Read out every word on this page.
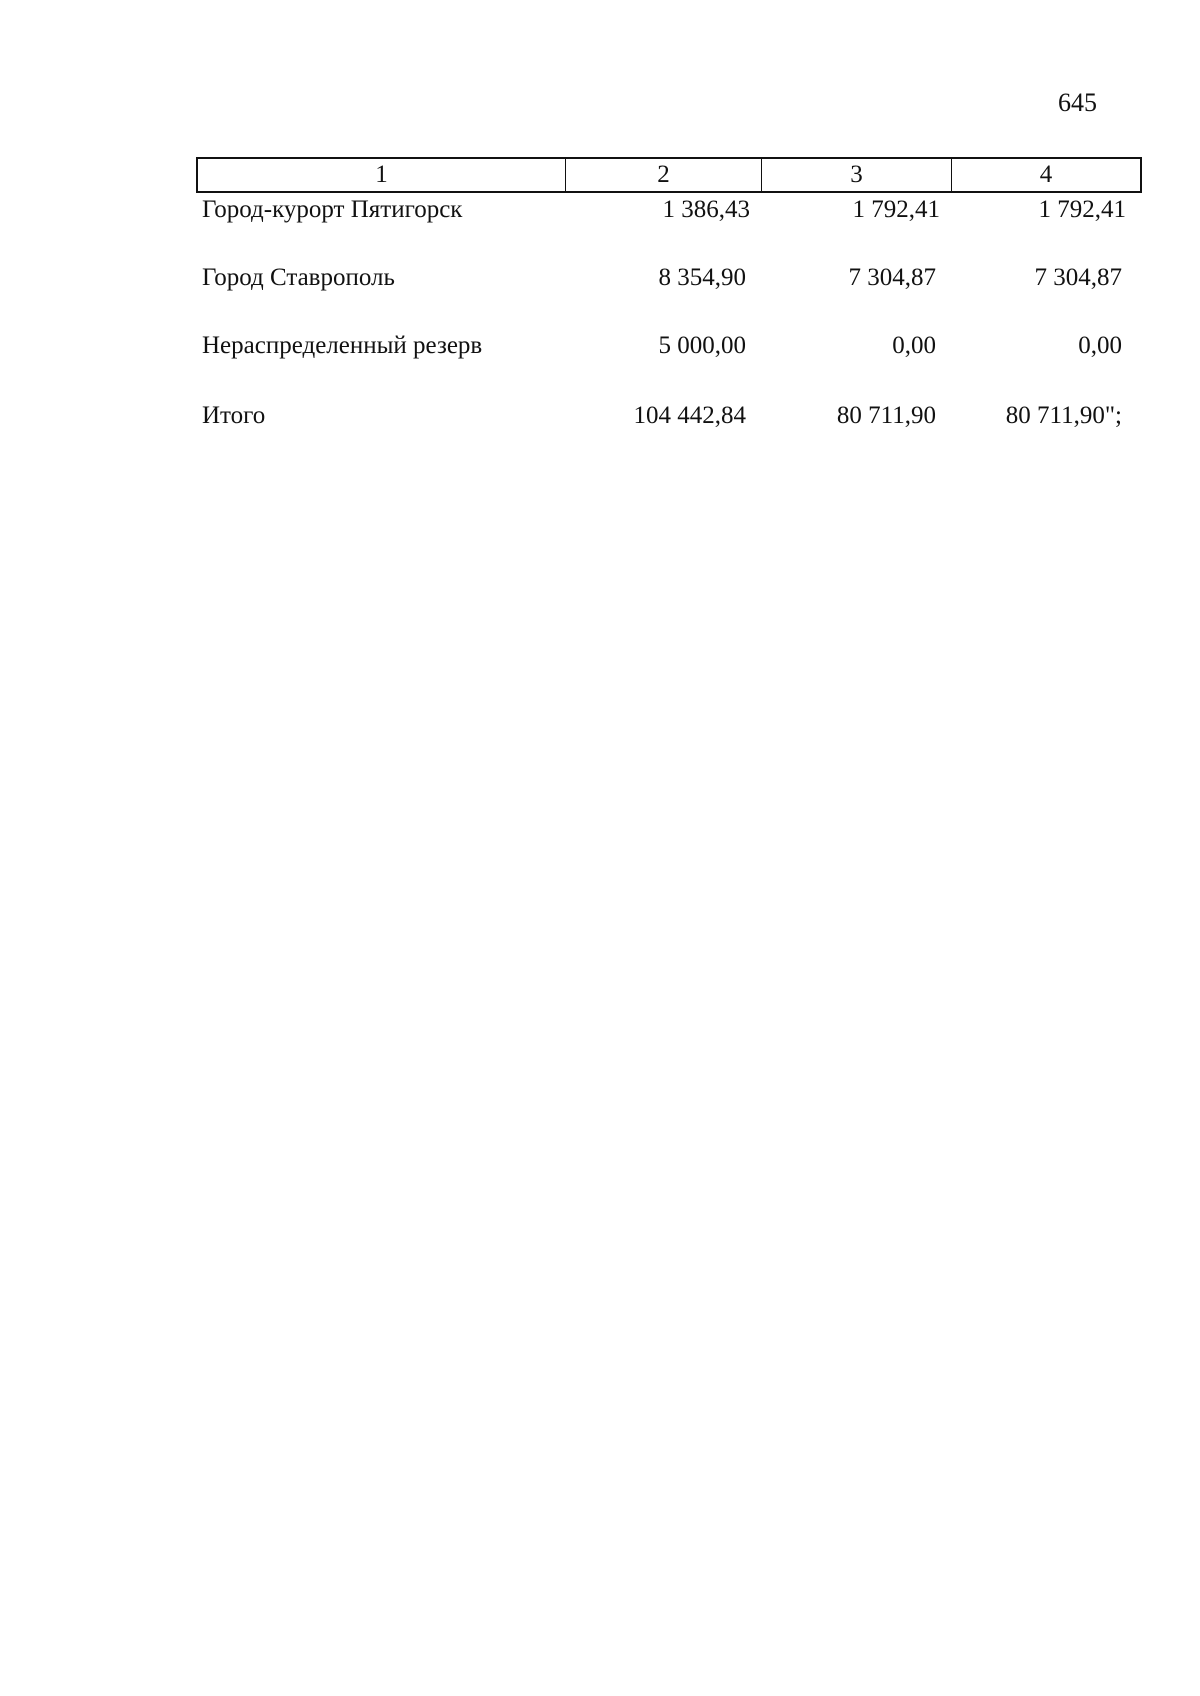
645
1	2	3	4
Город-курорт Пятигорск	1 386,43	1 792,41	1 792,41
Город Ставрополь	8 354,90	7 304,87	7 304,87
Нераспределенный резерв	5 000,00	0,00	0,00
Итого	104 442,84	80 711,90	80 711,90";
